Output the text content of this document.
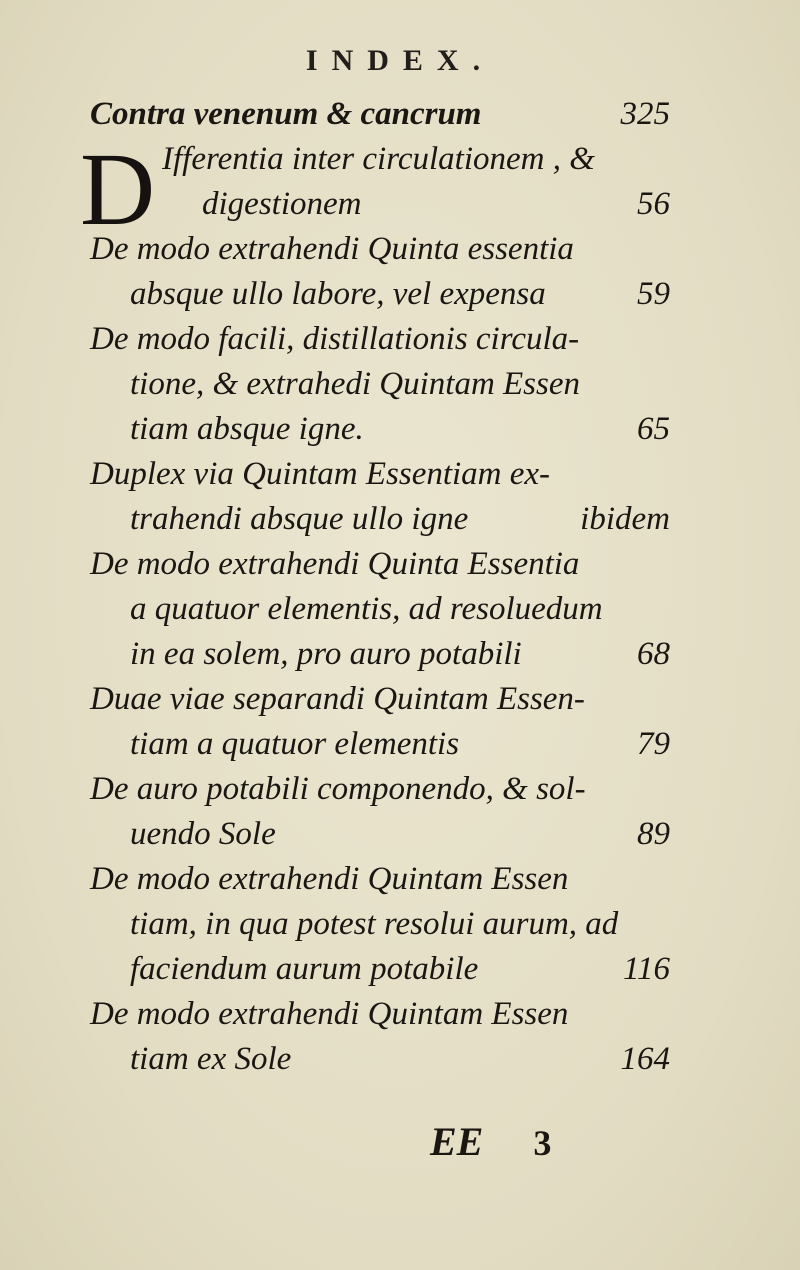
INDEX.
Contra venenum & cancrum	325
D Ifferentia inter circulationem , &
digestionem	56
De modo extrahendi Quinta essentia
absque ullo labore, vel expensa	59
De modo facili, distillationis circula-
tione, & extrahedi Quintam Essen
tiam absque igne.	65
Duplex via Quintam Essentiam ex-
trahendi absque ullo igne	ibidem
De modo extrahendi Quinta Essentia
a quatuor elementis, ad resoluedum
in ea solem, pro auro potabili	68
Duae viae separandi Quintam Essen-
tiam a quatuor elementis	79
De auro potabili componendo, & sol-
uendo Sole	89
De modo extrahendi Quintam Essen
tiam, in qua potest resolui aurum, ad
faciendum aurum potabile	116
De modo extrahendi Quintam Essen
tiam ex Sole	164
EE 3
